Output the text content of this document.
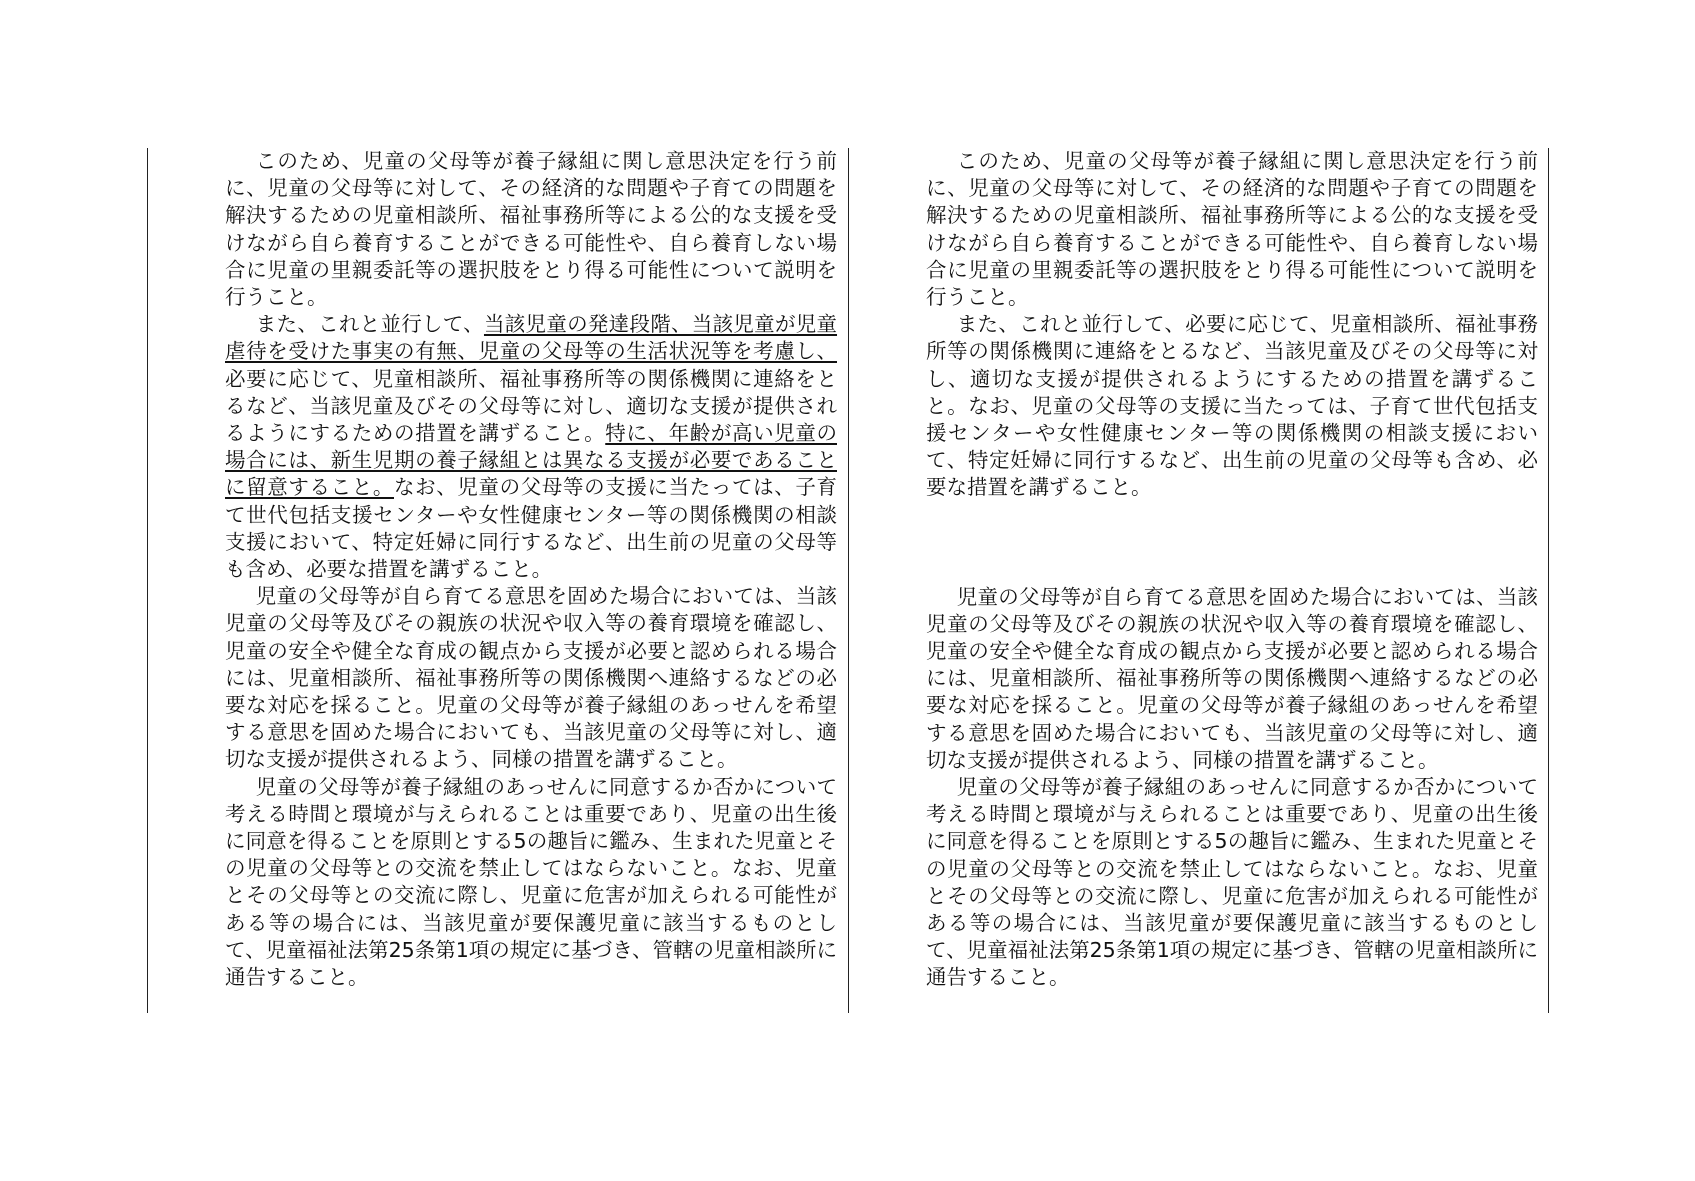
このため、児童の父母等が養子縁組に関し意思決定を行う前に、児童の父母等に対して、その経済的な問題や子育ての問題を解決するための児童相談所、福祉事務所等による公的な支援を受けながら自ら養育することができる可能性や、自ら養育しない場合に児童の里親委託等の選択肢をとり得る可能性について説明を行うこと。

また、これと並行して、当該児童の発達段階、当該児童が児童虐待を受けた事実の有無、児童の父母等の生活状況等を考慮し、必要に応じて、児童相談所、福祉事務所等の関係機関に連絡をとるなど、当該児童及びその父母等に対し、適切な支援が提供されるようにするための措置を講ずること。特に、年齢が高い児童の場合には、新生児期の養子縁組とは異なる支援が必要であることに留意すること。なお、児童の父母等の支援に当たっては、子育て世代包括支援センターや女性健康センター等の関係機関の相談支援において、特定妊婦に同行するなど、出生前の児童の父母等も含め、必要な措置を講ずること。

児童の父母等が自ら育てる意思を固めた場合においては、当該児童の父母等及びその親族の状況や収入等の養育環境を確認し、児童の安全や健全な育成の観点から支援が必要と認められる場合には、児童相談所、福祉事務所等の関係機関へ連絡するなどの必要な対応を採ること。児童の父母等が養子縁組のあっせんを希望する意思を固めた場合においても、当該児童の父母等に対し、適切な支援が提供されるよう、同様の措置を講ずること。

児童の父母等が養子縁組のあっせんに同意するか否かについて考える時間と環境が与えられることは重要であり、児童の出生後に同意を得ることを原則とする5の趣旨に鑑み、生まれた児童とその児童の父母等との交流を禁止してはならないこと。なお、児童とその父母等との交流に際し、児童に危害が加えられる可能性がある等の場合には、当該児童が要保護児童に該当するものとして、児童福祉法第25条第1項の規定に基づき、管轄の児童相談所に通告すること。

このため、児童の父母等が養子縁組に関し意思決定を行う前に、児童の父母等に対して、その経済的な問題や子育ての問題を解決するための児童相談所、福祉事務所等による公的な支援を受けながら自ら養育することができる可能性や、自ら養育しない場合に児童の里親委託等の選択肢をとり得る可能性について説明を行うこと。

また、これと並行して、必要に応じて、児童相談所、福祉事務所等の関係機関に連絡をとるなど、当該児童及びその父母等に対し、適切な支援が提供されるようにするための措置を講ずること。なお、児童の父母等の支援に当たっては、子育て世代包括支援センターや女性健康センター等の関係機関の相談支援において、特定妊婦に同行するなど、出生前の児童の父母等も含め、必要な措置を講ずること。

児童の父母等が自ら育てる意思を固めた場合においては、当該児童の父母等及びその親族の状況や収入等の養育環境を確認し、児童の安全や健全な育成の観点から支援が必要と認められる場合には、児童相談所、福祉事務所等の関係機関へ連絡するなどの必要な対応を採ること。児童の父母等が養子縁組のあっせんを希望する意思を固めた場合においても、当該児童の父母等に対し、適切な支援が提供されるよう、同様の措置を講ずること。

児童の父母等が養子縁組のあっせんに同意するか否かについて考える時間と環境が与えられることは重要であり、児童の出生後に同意を得ることを原則とする5の趣旨に鑑み、生まれた児童とその児童の父母等との交流を禁止してはならないこと。なお、児童とその父母等との交流に際し、児童に危害が加えられる可能性がある等の場合には、当該児童が要保護児童に該当するものとして、児童福祉法第25条第1項の規定に基づき、管轄の児童相談所に通告すること。
